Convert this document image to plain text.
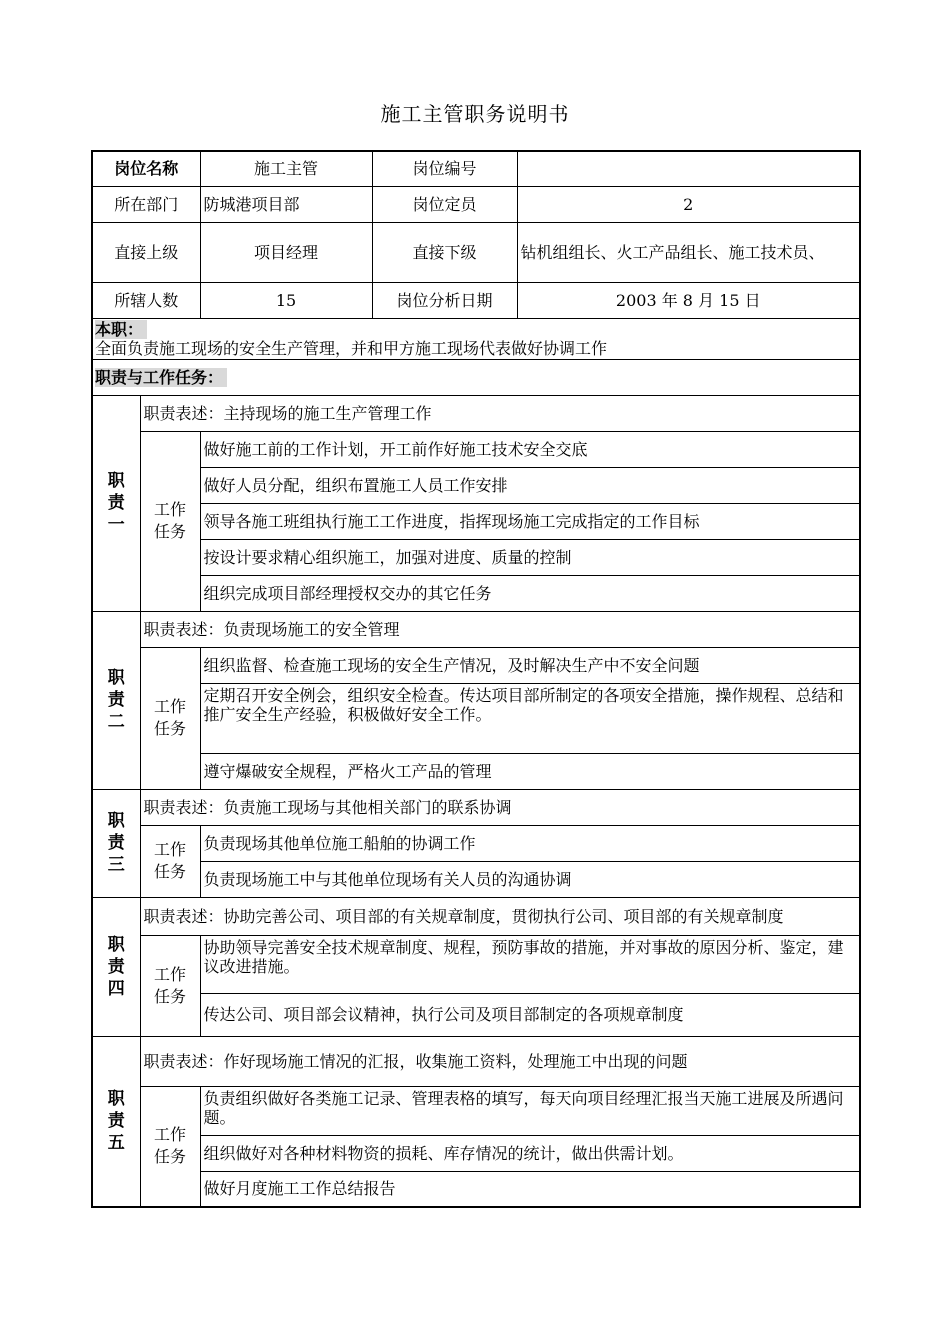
施工主管职务说明书
岗位名称		施工主管	岗位编号	
所在部门		防城港项目部	岗位定员	2
直接上级		项目经理	直接下级	钻机组组长、火工产品组长、施工技术员、
所辖人数		15	岗位分析日期	2003 年 8 月 15 日

本职：
全面负责施工现场的安全生产管理，并和甲方施工现场代表做好协调工作				

职责与工作任务：				

职
责
一	职责表述：主持现场的施工生产管理工作			
	工作
任务	做好施工前的工作计划，开工前作好施工技术安全交底		
		做好人员分配，组织布置施工人员工作安排		
		领导各施工班组执行施工工作进度，指挥现场施工完成指定的工作目标		
		按设计要求精心组织施工，加强对进度、质量的控制		
		组织完成项目部经理授权交办的其它任务		

职
责
二	职责表述：负责现场施工的安全管理			
	工作
任务	组织监督、检查施工现场的安全生产情况，及时解决生产中不安全问题		
		定期召开安全例会，组织安全检查。传达项目部所制定的各项安全措施，操作规程、总结和推广安全生产经验，积极做好安全工作。		
		遵守爆破安全规程，严格火工产品的管理		

职
责
三	职责表述：负责施工现场与其他相关部门的联系协调			
	工作
任务	负责现场其他单位施工船舶的协调工作		
		负责现场施工中与其他单位现场有关人员的沟通协调		

职
责
四	职责表述：协助完善公司、项目部的有关规章制度，贯彻执行公司、项目部的有关规章制度			
	工作
任务	协助领导完善安全技术规章制度、规程，预防事故的措施，并对事故的原因分析、鉴定，建议改进措施。		
		传达公司、项目部会议精神，执行公司及项目部制定的各项规章制度		

职
责
五	职责表述：作好现场施工情况的汇报，收集施工资料，处理施工中出现的问题			
	工作
任务	负责组织做好各类施工记录、管理表格的填写，每天向项目经理汇报当天施工进展及所遇问题。		
		组织做好对各种材料物资的损耗、库存情况的统计，做出供需计划。		
		做好月度施工工作总结报告		
